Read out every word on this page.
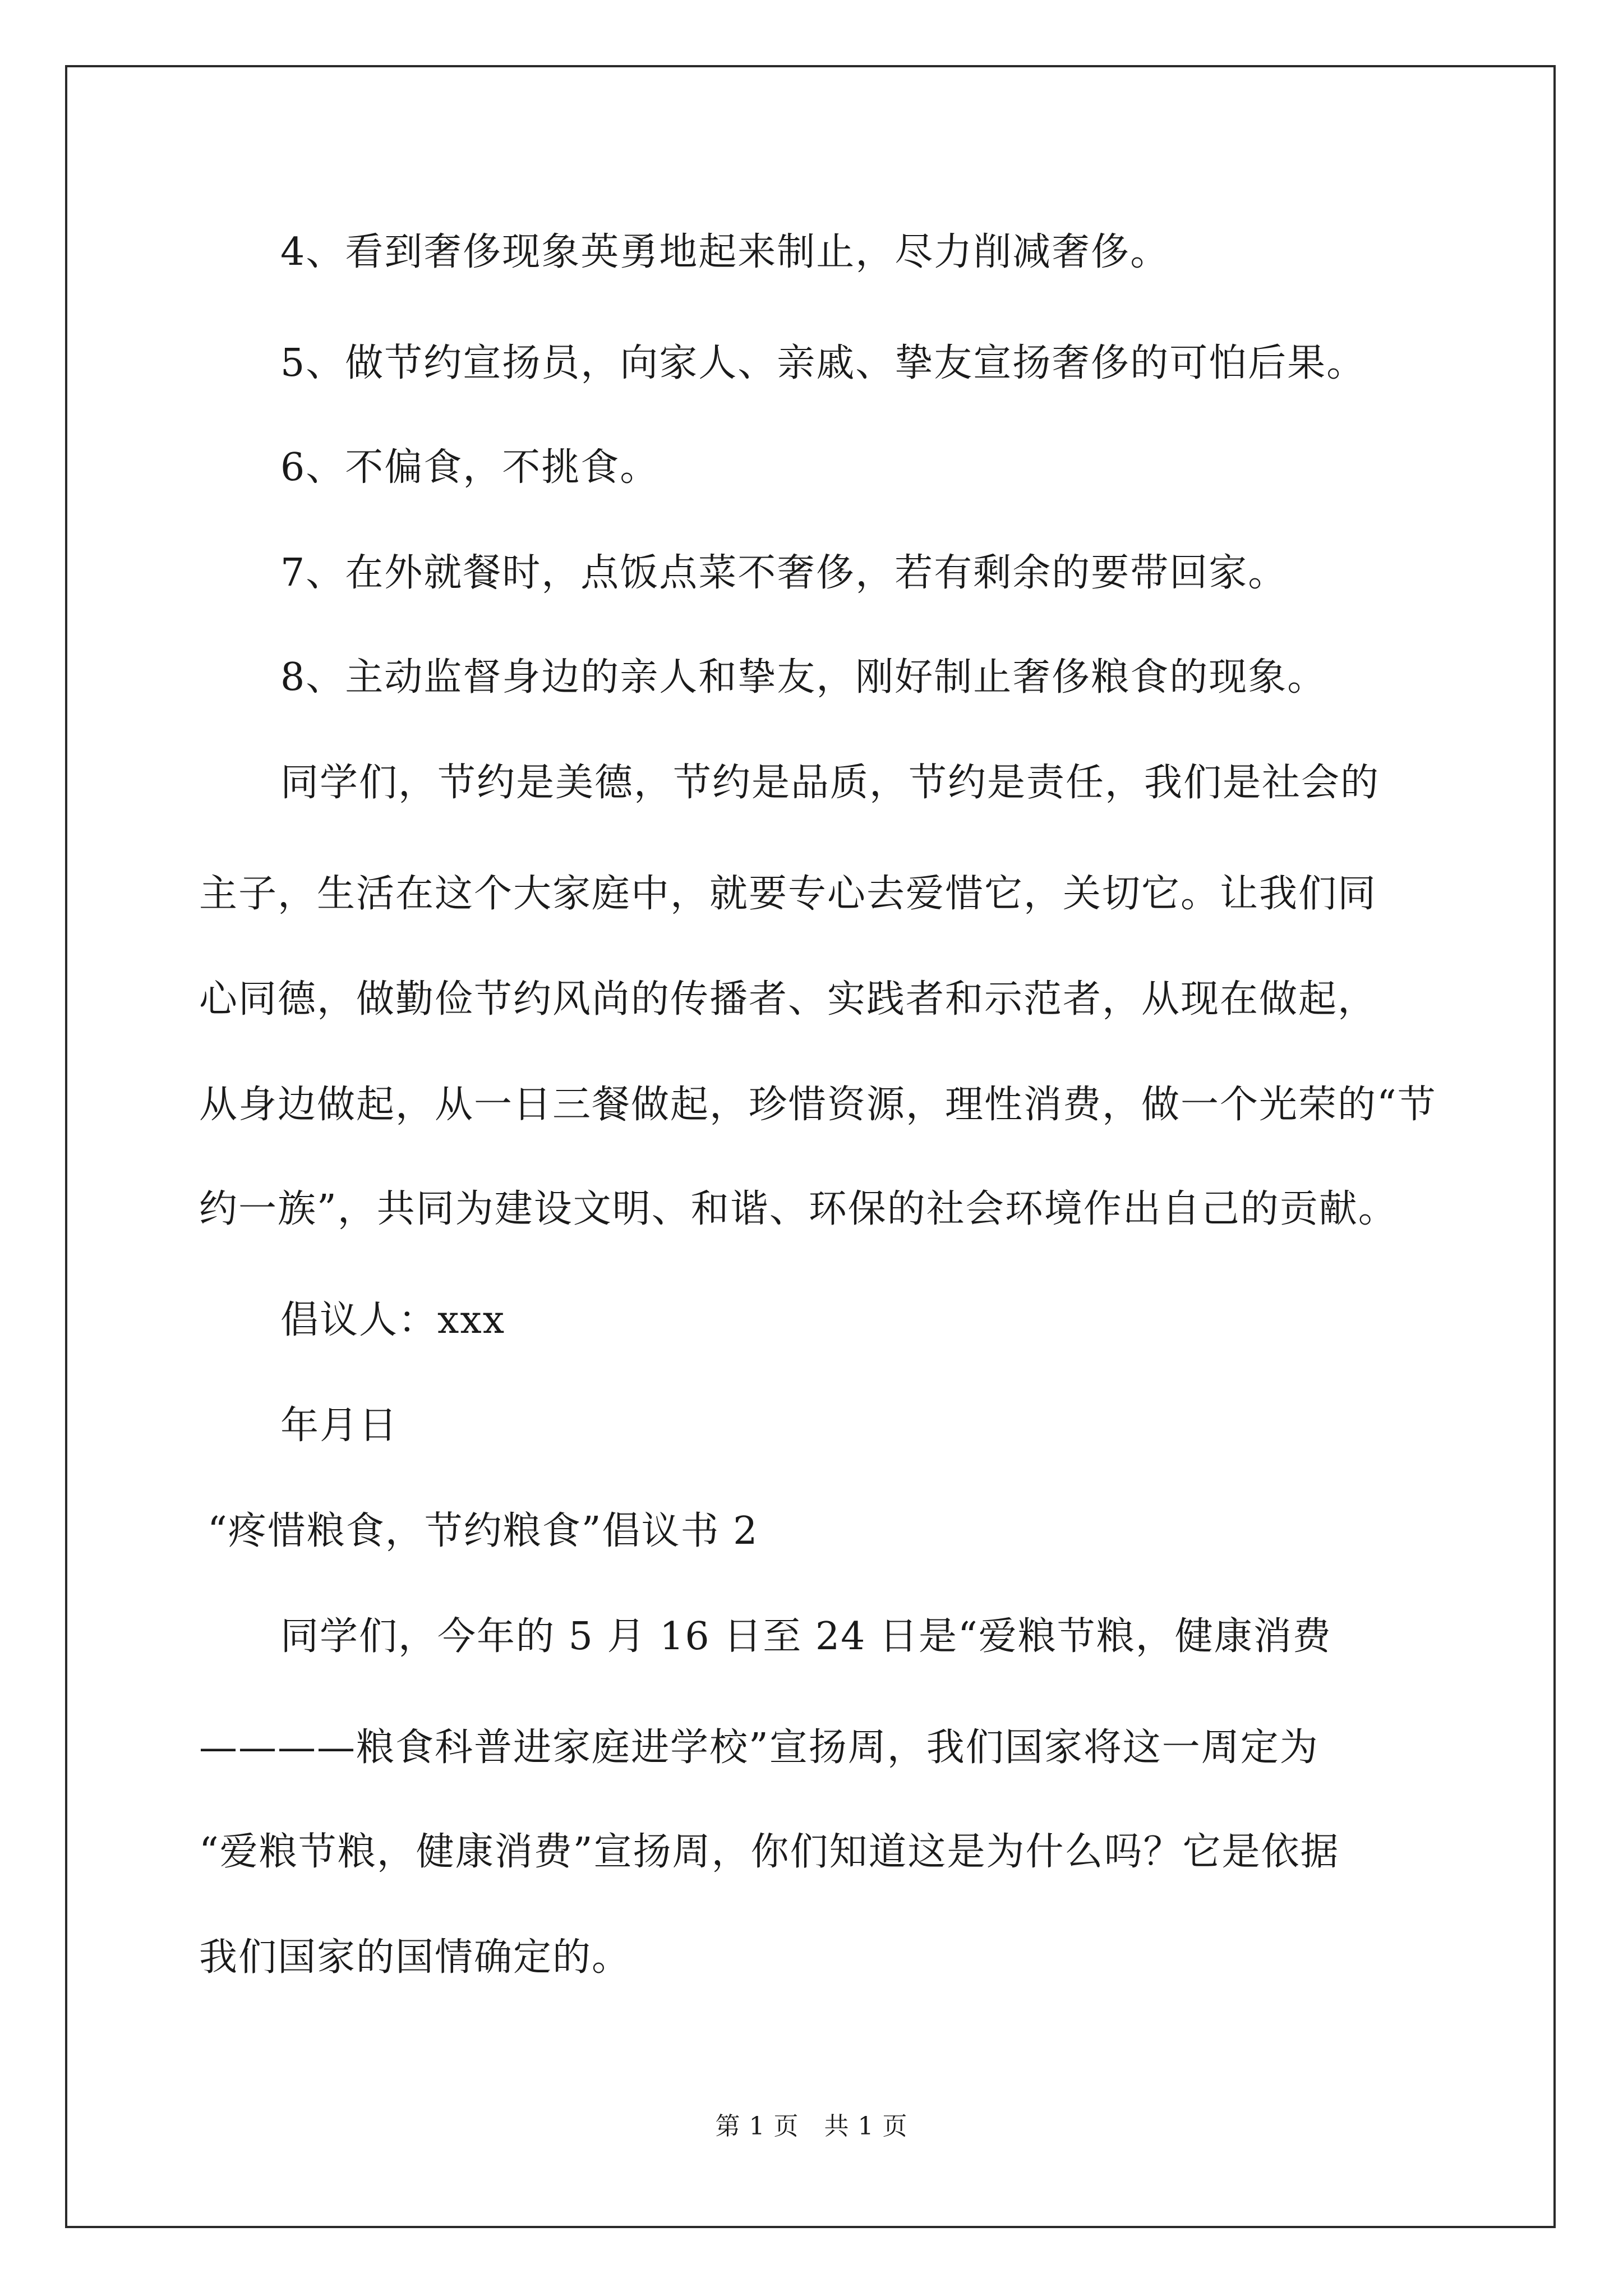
4、看到奢侈现象英勇地起来制止，尽力削减奢侈。
5、做节约宣扬员，向家人、亲戚、挚友宣扬奢侈的可怕后果。
6、不偏食，不挑食。
7、在外就餐时，点饭点菜不奢侈，若有剩余的要带回家。
8、主动监督身边的亲人和挚友，刚好制止奢侈粮食的现象。
同学们，节约是美德，节约是品质，节约是责任，我们是社会的
主子，生活在这个大家庭中，就要专心去爱惜它，关切它。让我们同
心同德，做勤俭节约风尚的传播者、实践者和示范者，从现在做起，
从身边做起，从一日三餐做起，珍惜资源，理性消费，做一个光荣的“节
约一族”，共同为建设文明、和谐、环保的社会环境作出自己的贡献。
倡议人：xxx
年月日
“疼惜粮食，节约粮食”倡议书 2
同学们，今年的 5 月 16 日至 24 日是“爱粮节粮，健康消费
————粮食科普进家庭进学校”宣扬周，我们国家将这一周定为
“爱粮节粮，健康消费”宣扬周，你们知道这是为什么吗？它是依据
我们国家的国情确定的。
第 1 页　共 1 页
